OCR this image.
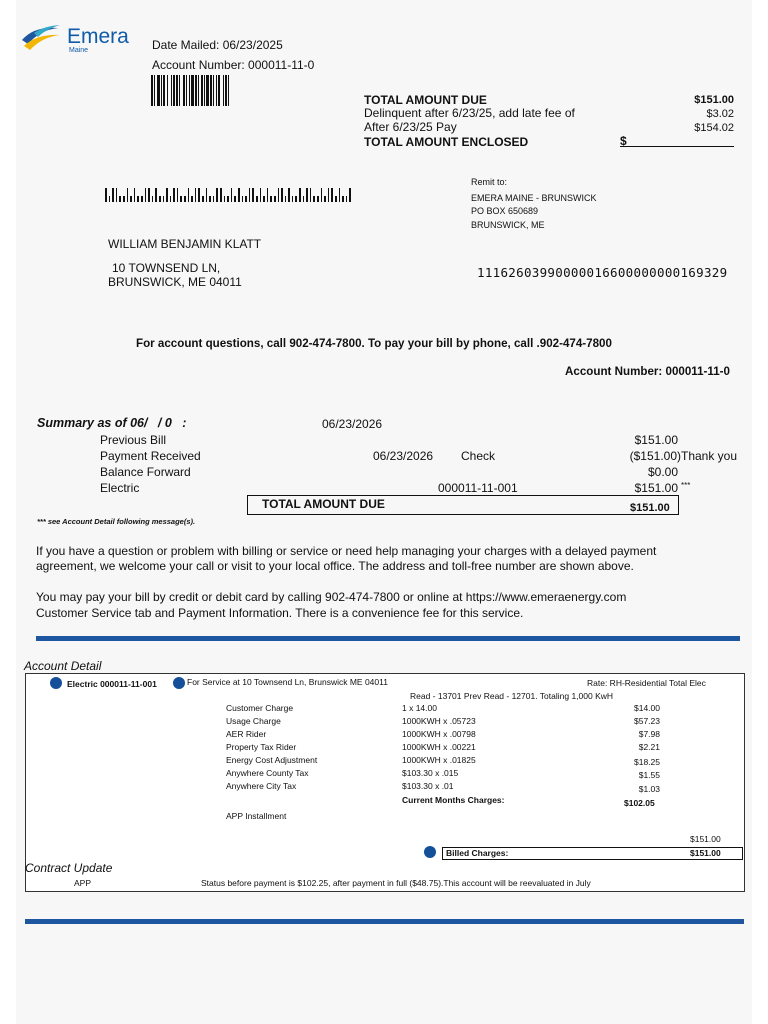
Emera
Maine	Date Mailed: 06/23/2025
Account Number: 000011-11-0
TOTAL AMOUNT DUE	$151.00
Delinquent after 6/23/25, add late fee of	$3.02
After 6/23/25 Pay	$154.02
TOTAL AMOUNT ENCLOSED	$
Remit to:
EMERA MAINE - BRUNSWICK
PO BOX 650689
BRUNSWICK, ME
WILLIAM BENJAMIN KLATT
10 TOWNSEND LN,
BRUNSWICK, ME 04011
11162603990000016600000000169329
For account questions, call 902-474-7800. To pay your bill by phone, call .902-474-7800
Account Number: 000011-11-0
Summary as of 06/   / 0   :	06/23/2026
Previous Bill	$151.00
Payment Received	06/23/2026 Check	($151.00) Thank you
Balance Forward	$0.00
Electric	000011-11-001	$151.00 ***
TOTAL AMOUNT DUE	$151.00
*** see Account Detail following message(s).
If you have a question or problem with billing or service or need help managing your charges with a delayed payment
agreement, we welcome your call or visit to your local office. The address and toll-free number are shown above.
You may pay your bill by credit or debit card by calling 902-474-7800 or online at https://www.emeraenergy.com
Customer Service tab and Payment Information. There is a convenience fee for this service.
Account Detail
Electric 000011-11-001	For Service at 10 Townsend Ln, Brunswick ME 04011	Rate: RH-Residential Total Elec
Read - 13701 Prev Read - 12701. Totaling 1,000 KwH
Customer Charge	1 x 14.00	$14.00
Usage Charge	1000KWH x .05723	$57.23
AER Rider	1000KWH x .00798	$7.98
Property Tax Rider	1000KWH x .00221	$2.21
Energy Cost Adjustment	1000KWH x .01825	$18.25
Anywhere County Tax	$103.30 x .015	$1.55
Anywhere City Tax	$103.30 x .01	$1.03
Current Months Charges:	$102.05
APP Installment
$151.00
Billed Charges:	$151.00
Contract Update
APP	Status before payment is $102.25, after payment in full ($48.75).This account will be reevaluated in July
